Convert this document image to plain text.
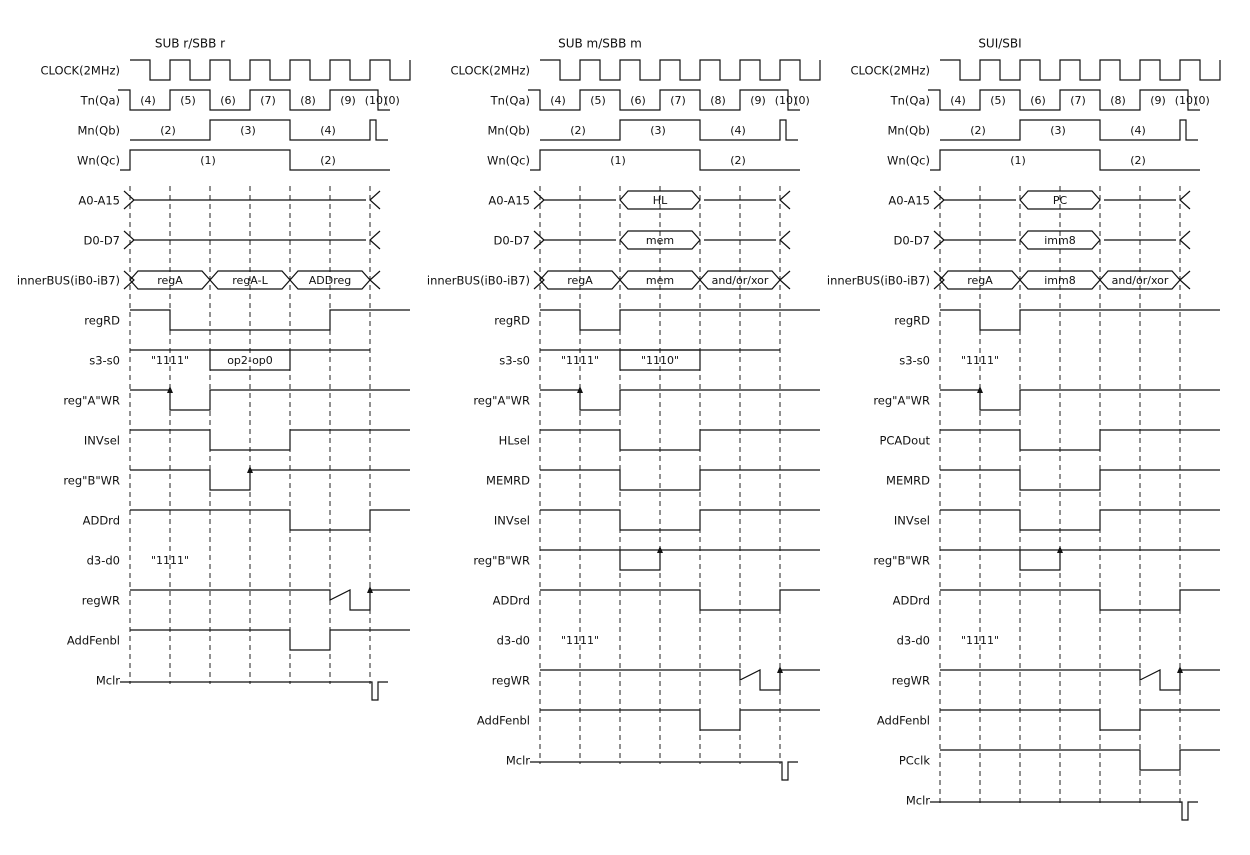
SUB r/SBB r
CLOCK(2MHz)
Tn(Qa) (4) (5) (6) (7) (8) (9) (10)
(0)
Mn(Qb)	(2)	(3)	(4)
Wn(Qc)	(1)	(2)
A0-A15
D0-D7
innerBUS(iB0-iB7)	regA	regA-L	ADDreg
regRD
s3-s0	"1111"	op2-op0
reg"A"WR
INVsel
reg"B"WR
ADDrd
d3-d0	"1111"
regWR
AddFenbl
Mclr
SUB m/SBB m
CLOCK(2MHz)
Tn(Qa) (4) (5) (6) (7) (8) (9) (10)
(0)
Mn(Qb)	(2)	(3)	(4)
Wn(Qc)	(1)	(2)
A0-A15	HL
D0-D7	mem
innerBUS(iB0-iB7)	regA	mem	and/or/xor
regRD
s3-s0	"1111"	"1110"
reg"A"WR
HLsel
MEMRD
INVsel
reg"B"WR
ADDrd
d3-d0	"1111"
regWR
AddFenbl
Mclr
SUI/SBI
CLOCK(2MHz)
Tn(Qa) (4) (5) (6) (7) (8) (9) (10)
(0)
Mn(Qb)	(2)	(3)	(4)
Wn(Qc)	(1)	(2)
A0-A15	PC
D0-D7	imm8
innerBUS(iB0-iB7)	regA	imm8	and/or/xor
regRD
s3-s0	"1111"
reg"A"WR
PCADout
MEMRD
INVsel
reg"B"WR
ADDrd
d3-d0	"1111"
regWR
AddFenbl
PCclk
Mclr
